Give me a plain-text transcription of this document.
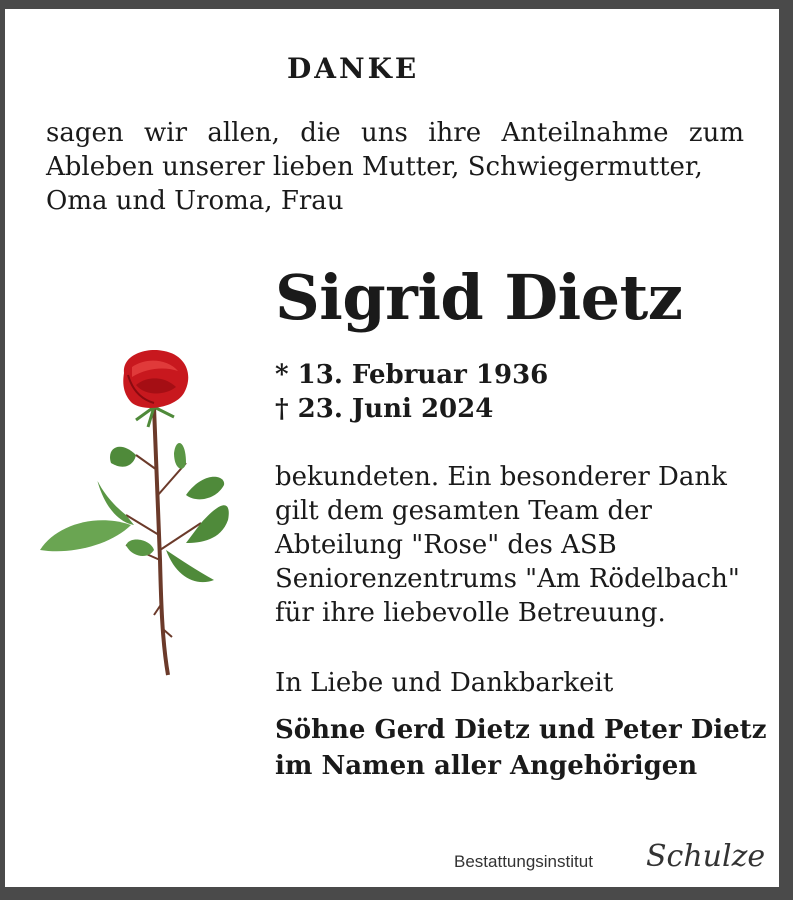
DANKE
sagen wir allen, die uns ihre Anteilnahme zum
Ableben unserer lieben Mutter, Schwiegermutter,
Oma und Uroma, Frau
Sigrid Dietz
* 13. Februar 1936
† 23. Juni 2024
bekundeten. Ein besonderer Dank
gilt dem gesamten Team der
Abteilung "Rose" des ASB
Seniorenzentrums "Am Rödelbach"
für ihre liebevolle Betreuung.
In Liebe und Dankbarkeit
Söhne Gerd Dietz und Peter Dietz
im Namen aller Angehörigen
Bestattungsinstitut Schulze
